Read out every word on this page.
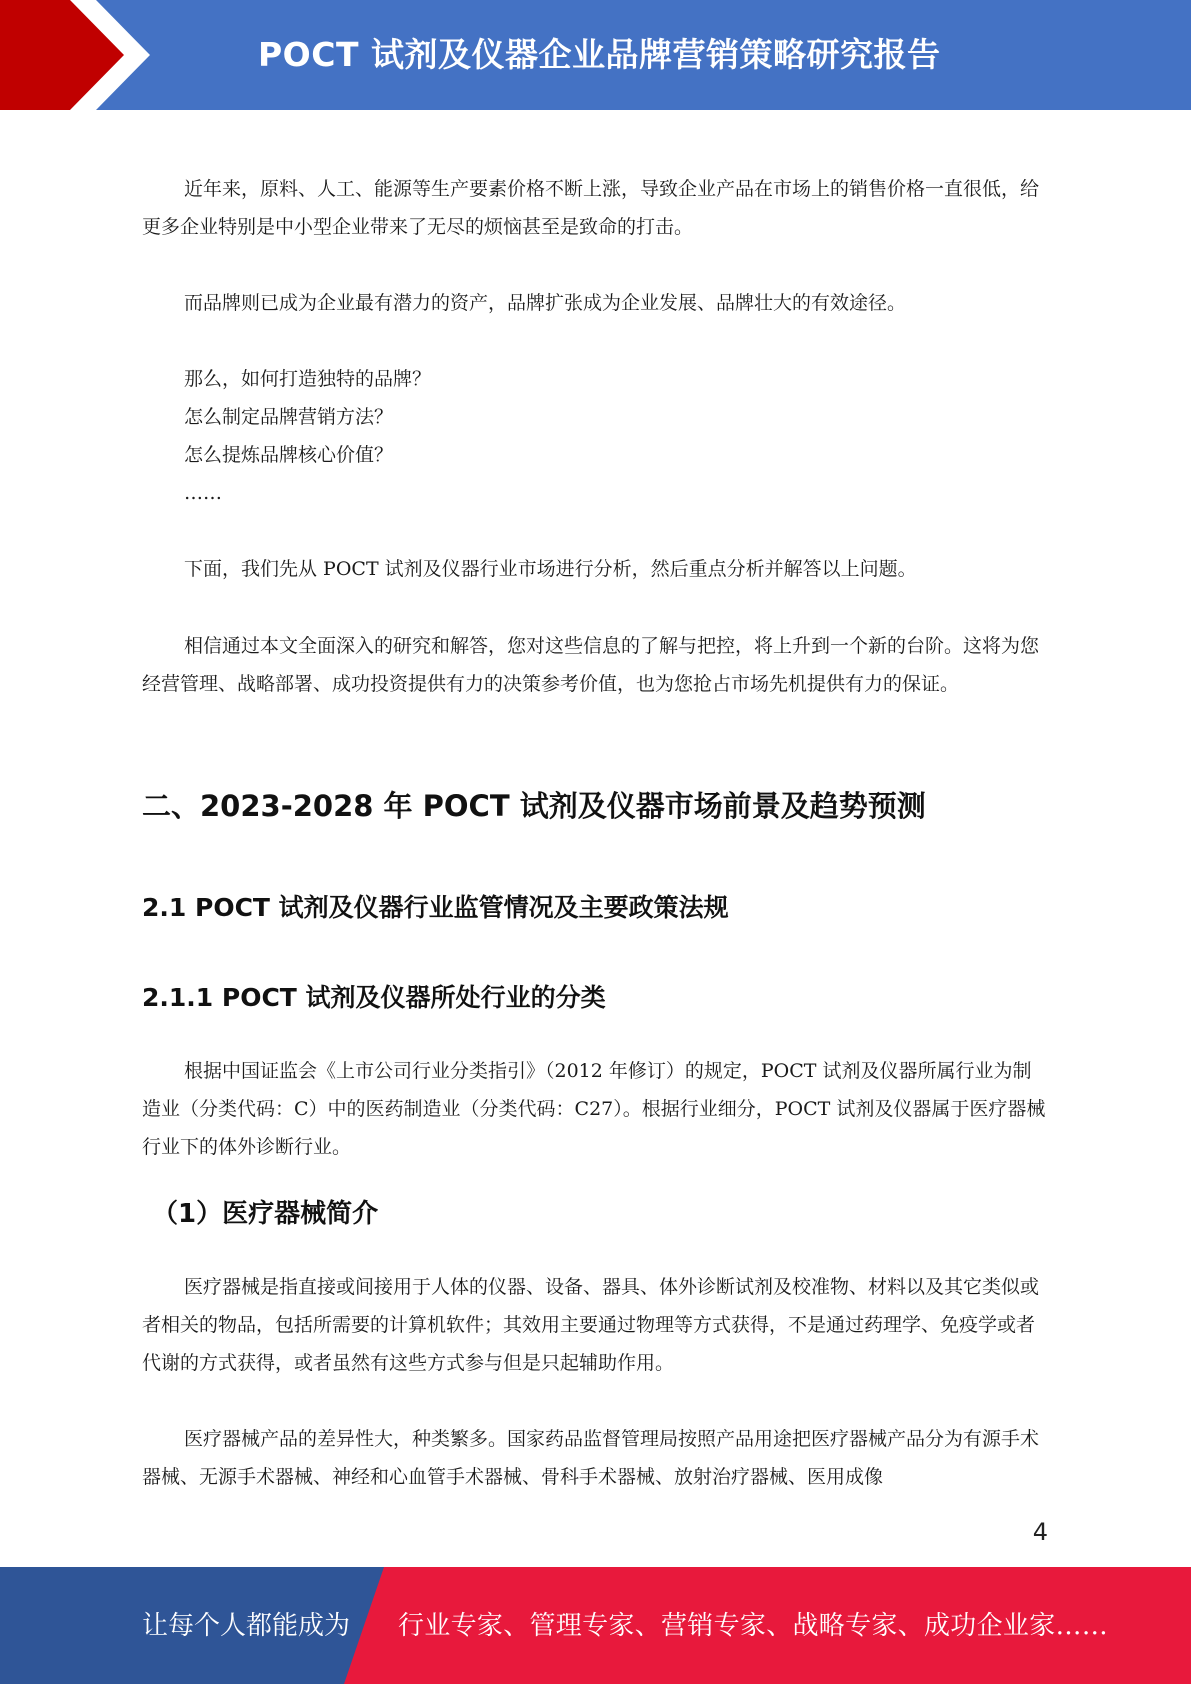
POCT 试剂及仪器企业品牌营销策略研究报告

近年来，原料、人工、能源等生产要素价格不断上涨，导致企业产品在市场上的销售价格一直很低，给更多企业特别是中小型企业带来了无尽的烦恼甚至是致命的打击。

而品牌则已成为企业最有潜力的资产，品牌扩张成为企业发展、品牌壮大的有效途径。

那么，如何打造独特的品牌？

怎么制定品牌营销方法？

怎么提炼品牌核心价值？

……

下面，我们先从 POCT 试剂及仪器行业市场进行分析，然后重点分析并解答以上问题。

相信通过本文全面深入的研究和解答，您对这些信息的了解与把控，将上升到一个新的台阶。这将为您经营管理、战略部署、成功投资提供有力的决策参考价值，也为您抢占市场先机提供有力的保证。

二、2023-2028 年 POCT 试剂及仪器市场前景及趋势预测
2.1 POCT 试剂及仪器行业监管情况及主要政策法规
2.1.1 POCT 试剂及仪器所处行业的分类

根据中国证监会《上市公司行业分类指引》（2012 年修订）的规定，POCT 试剂及仪器所属行业为制造业（分类代码：C）中的医药制造业（分类代码：C27）。根据行业细分，POCT 试剂及仪器属于医疗器械行业下的体外诊断行业。

（1）医疗器械简介

医疗器械是指直接或间接用于人体的仪器、设备、器具、体外诊断试剂及校准物、材料以及其它类似或者相关的物品，包括所需要的计算机软件；其效用主要通过物理等方式获得，不是通过药理学、免疫学或者代谢的方式获得，或者虽然有这些方式参与但是只起辅助作用。

医疗器械产品的差异性大，种类繁多。国家药品监督管理局按照产品用途把医疗器械产品分为有源手术器械、无源手术器械、神经和心血管手术器械、骨科手术器械、放射治疗器械、医用成像

4
让每个人都能成为 行业专家、管理专家、营销专家、战略专家、成功企业家……
